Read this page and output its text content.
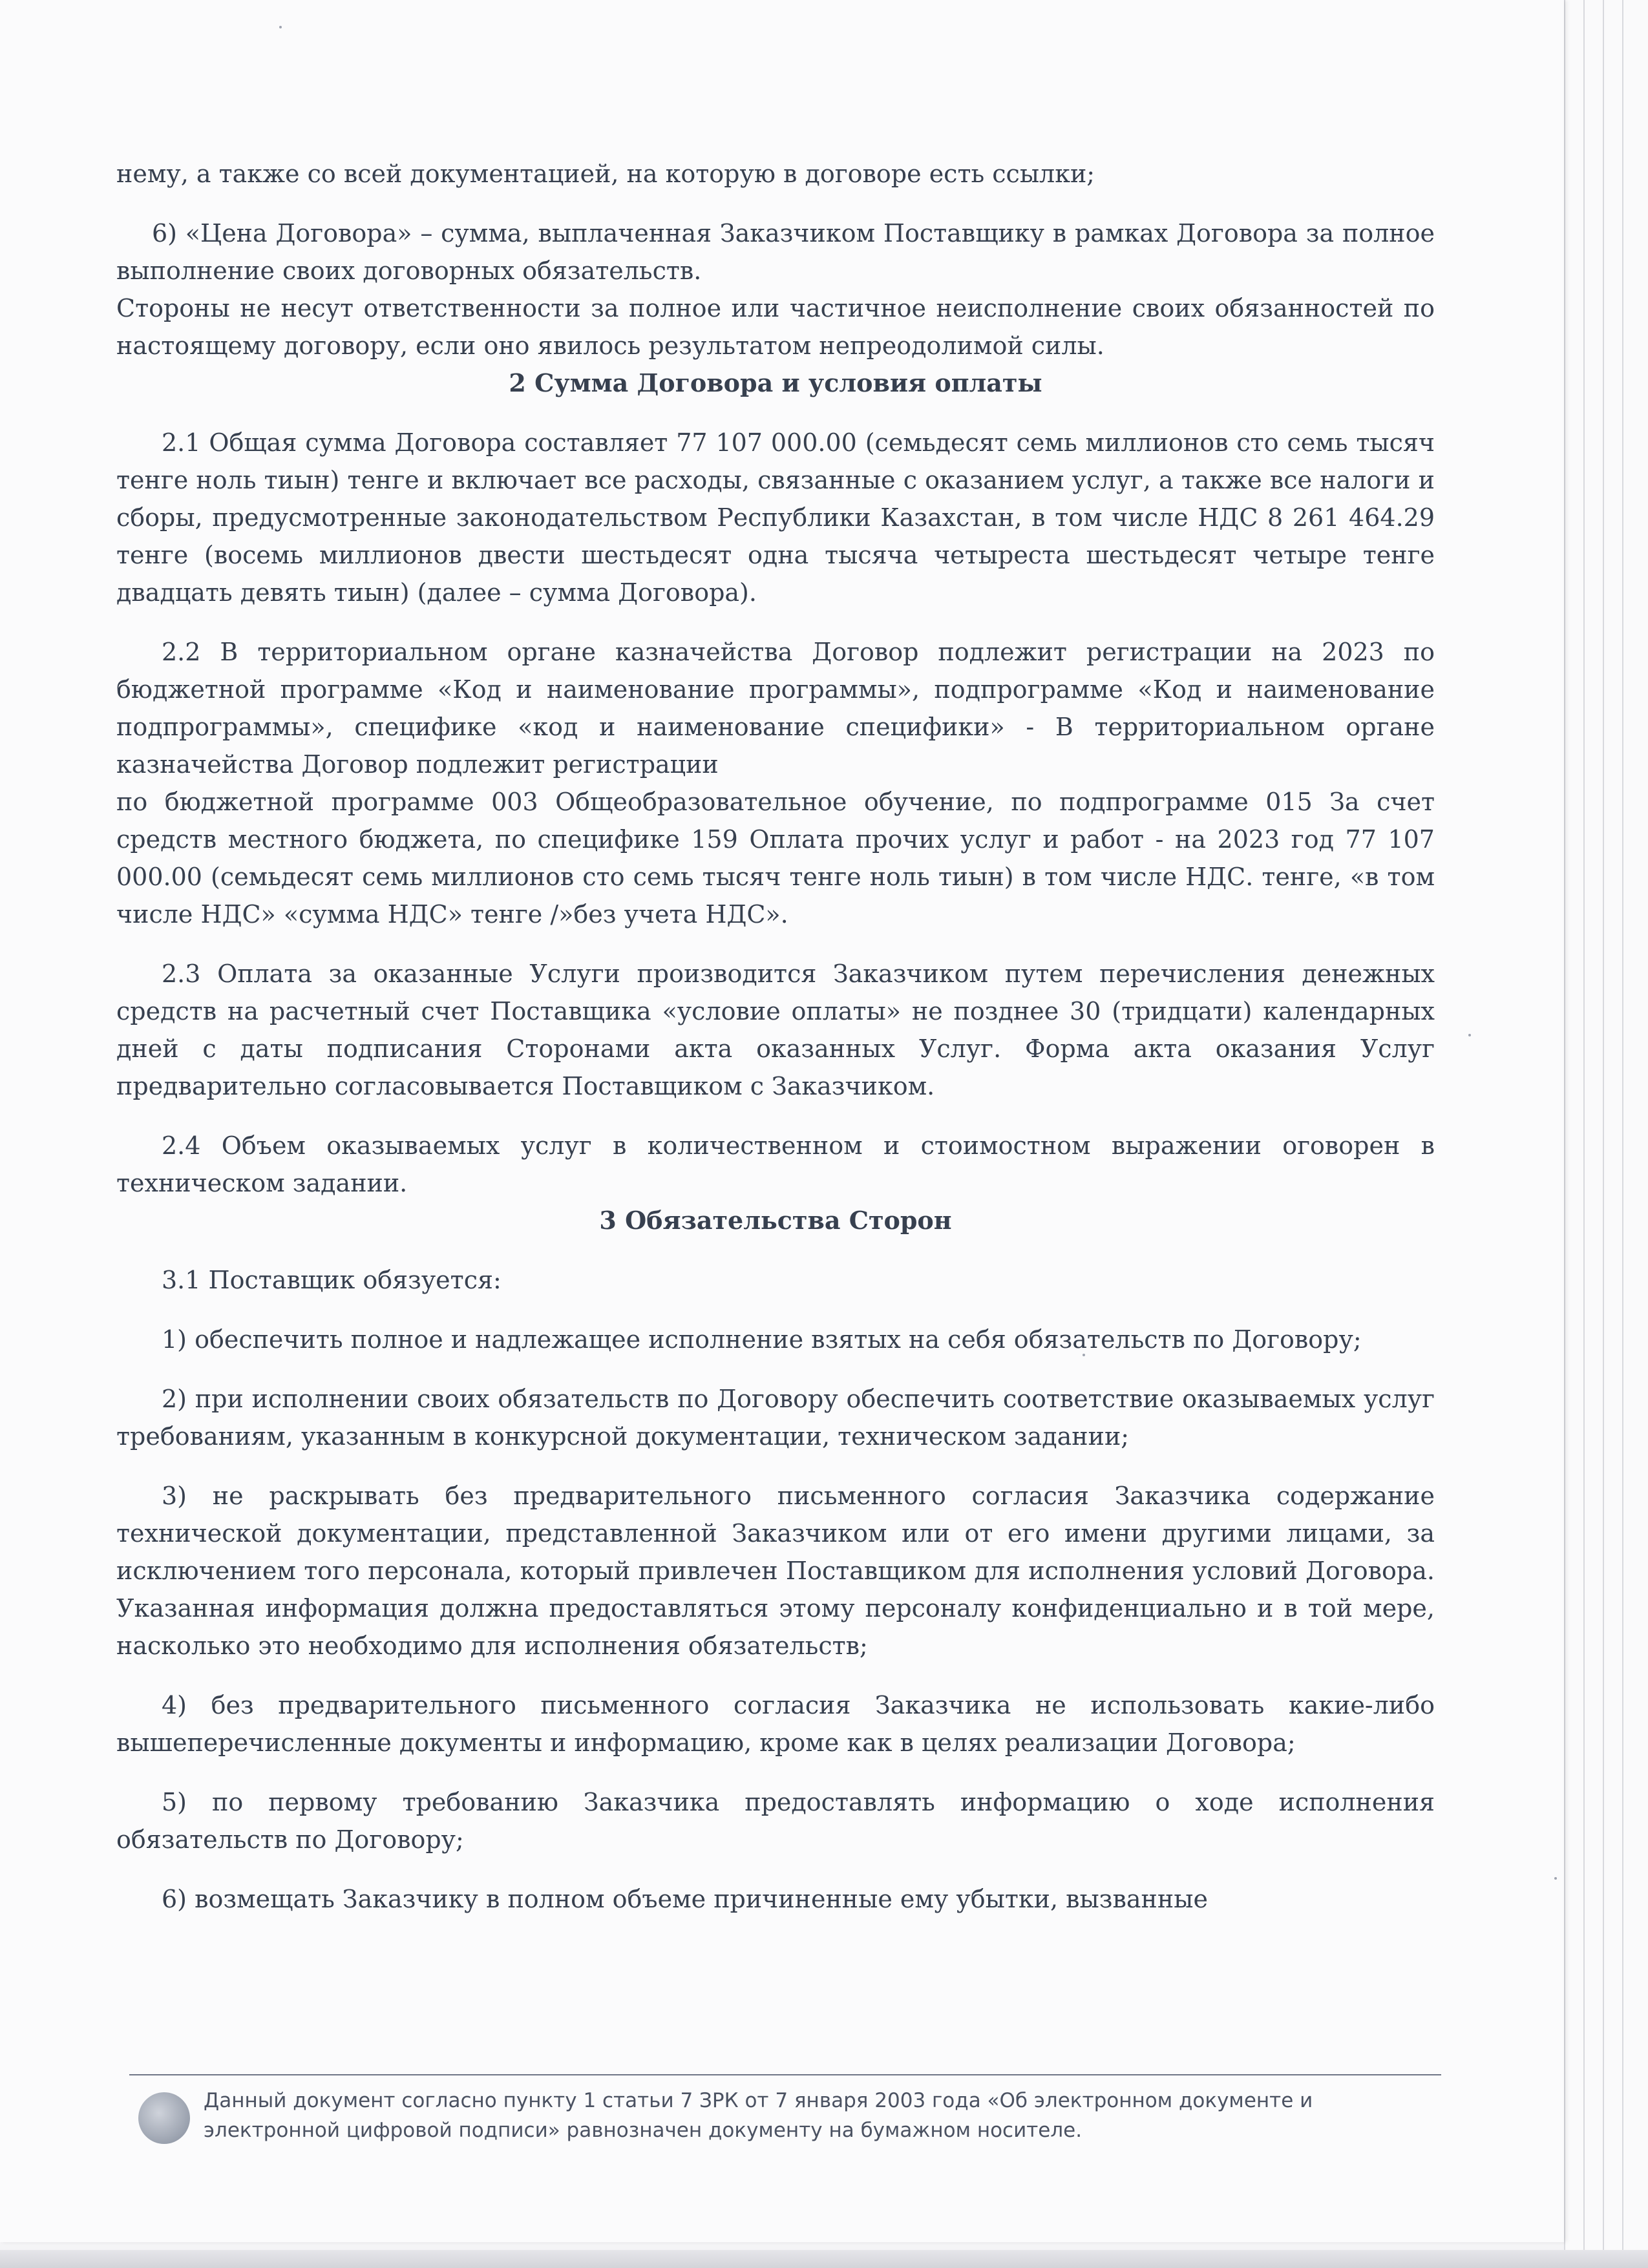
нему, а также со всей документацией, на которую в договоре есть ссылки;

6) «Цена Договора» – сумма, выплаченная Заказчиком Поставщику в рамках Договора за полное выполнение своих договорных обязательств.

Стороны не несут ответственности за полное или частичное неисполнение своих обязанностей по настоящему договору, если оно явилось результатом непреодолимой силы.

2 Сумма Договора и условия оплаты

2.1 Общая сумма Договора составляет 77 107 000.00 (семьдесят семь миллионов сто семь тысяч тенге ноль тиын) тенге и включает все расходы, связанные с оказанием услуг, а также все налоги и сборы, предусмотренные законодательством Республики Казахстан, в том числе НДС 8 261 464.29 тенге (восемь миллионов двести шестьдесят одна тысяча четыреста шестьдесят четыре тенге двадцать девять тиын) (далее – сумма Договора).

2.2 В территориальном органе казначейства Договор подлежит регистрации на 2023 по бюджетной программе «Код и наименование программы», подпрограмме «Код и наименование подпрограммы», специфике «код и наименование специфики» - В территориальном органе казначейства Договор подлежит регистрации

по бюджетной программе 003 Общеобразовательное обучение, по подпрограмме 015 За счет средств местного бюджета, по специфике 159 Оплата прочих услуг и работ - на 2023 год 77 107 000.00 (семьдесят семь миллионов сто семь тысяч тенге ноль тиын) в том числе НДС. тенге, «в том числе НДС» «сумма НДС» тенге /»без учета НДС».

2.3 Оплата за оказанные Услуги производится Заказчиком путем перечисления денежных средств на расчетный счет Поставщика «условие оплаты» не позднее 30 (тридцати) календарных дней с даты подписания Сторонами акта оказанных Услуг. Форма акта оказания Услуг предварительно согласовывается Поставщиком с Заказчиком.

2.4 Объем оказываемых услуг в количественном и стоимостном выражении оговорен в техническом задании.

3 Обязательства Сторон

3.1 Поставщик обязуется:

1) обеспечить полное и надлежащее исполнение взятых на себя обязательств по Договору;

2) при исполнении своих обязательств по Договору обеспечить соответствие оказываемых услуг требованиям, указанным в конкурсной документации, техническом задании;

3) не раскрывать без предварительного письменного согласия Заказчика содержание технической документации, представленной Заказчиком или от его имени другими лицами, за исключением того персонала, который привлечен Поставщиком для исполнения условий Договора. Указанная информация должна предоставляться этому персоналу конфиденциально и в той мере, насколько это необходимо для исполнения обязательств;

4) без предварительного письменного согласия Заказчика не использовать какие-либо вышеперечисленные документы и информацию, кроме как в целях реализации Договора;

5) по первому требованию Заказчика предоставлять информацию о ходе исполнения обязательств по Договору;

6) возмещать Заказчику в полном объеме причиненные ему убытки, вызванные

Данный документ согласно пункту 1 статьи 7 ЗРК от 7 января 2003 года «Об электронном документе и электронной цифровой подписи» равнозначен документу на бумажном носителе.
